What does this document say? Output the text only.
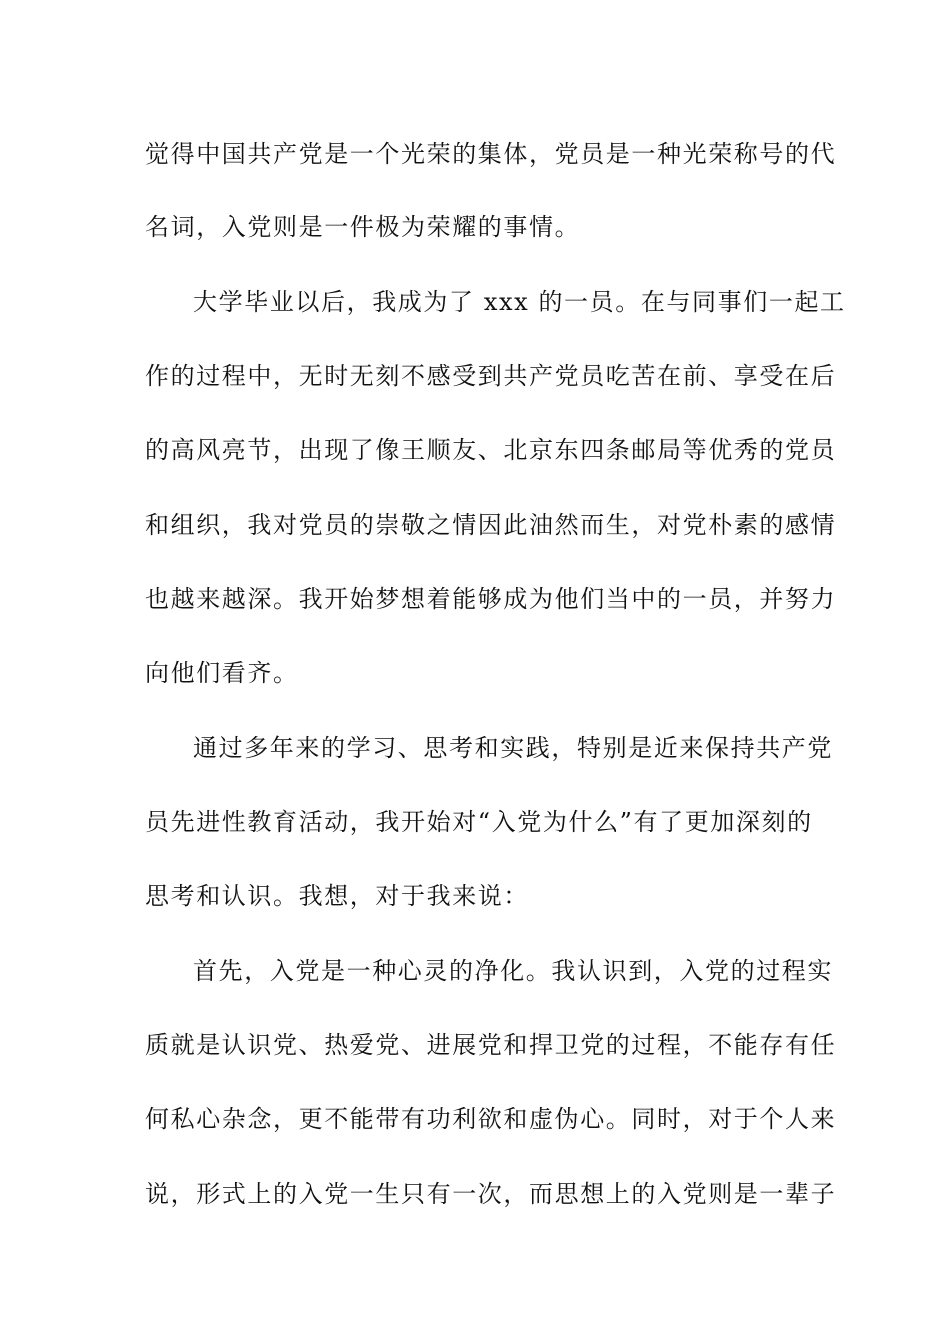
觉得中国共产党是一个光荣的集体，党员是一种光荣称号的代
名词，入党则是一件极为荣耀的事情。
大学毕业以后，我成为了 xxx 的一员。在与同事们一起工
作的过程中，无时无刻不感受到共产党员吃苦在前、享受在后
的高风亮节，出现了像王顺友、北京东四条邮局等优秀的党员
和组织，我对党员的崇敬之情因此油然而生，对党朴素的感情
也越来越深。我开始梦想着能够成为他们当中的一员，并努力
向他们看齐。
通过多年来的学习、思考和实践，特别是近来保持共产党
员先进性教育活动，我开始对“入党为什么”有了更加深刻的
思考和认识。我想，对于我来说：
首先，入党是一种心灵的净化。我认识到，入党的过程实
质就是认识党、热爱党、进展党和捍卫党的过程，不能存有任
何私心杂念，更不能带有功利欲和虚伪心。同时，对于个人来
说，形式上的入党一生只有一次，而思想上的入党则是一辈子
